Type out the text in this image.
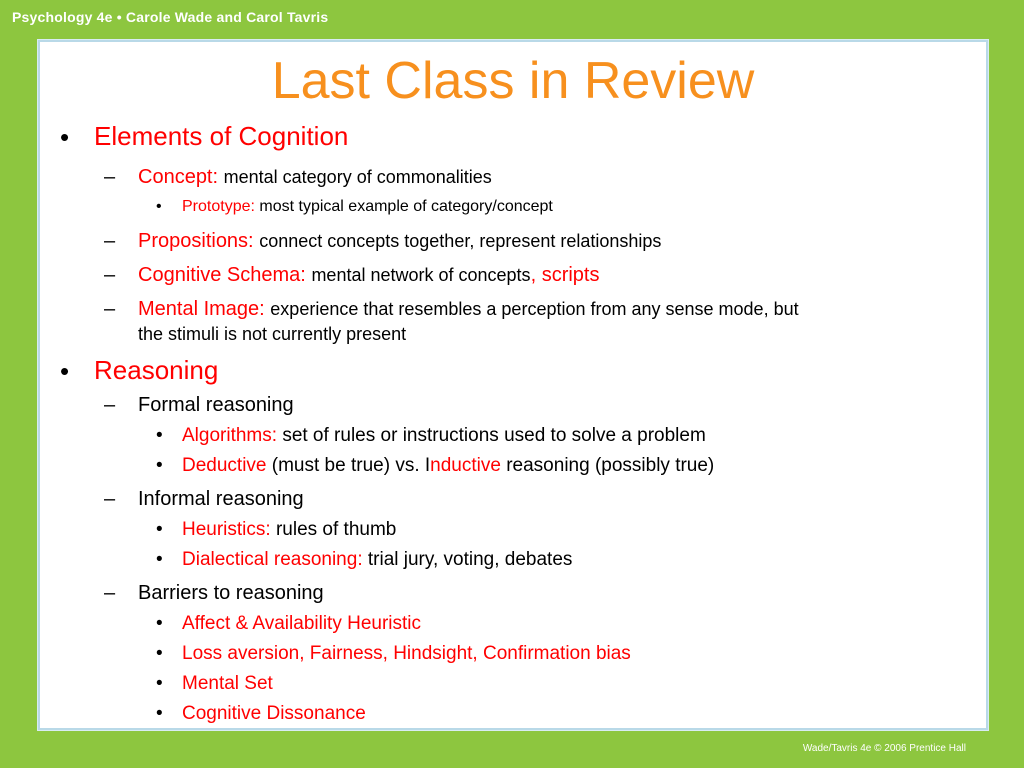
Psychology 4e • Carole Wade and Carol Tavris
Last Class in Review
• Elements of Cognition
– Concept: mental category of commonalities
• Prototype: most typical example of category/concept
– Propositions: connect concepts together, represent relationships
– Cognitive Schema: mental network of concepts, scripts
– Mental Image: experience that resembles a perception from any sense mode, but
the stimuli is not currently present
• Reasoning
– Formal reasoning
• Algorithms: set of rules or instructions used to solve a problem
• Deductive (must be true) vs. Inductive reasoning (possibly true)
– Informal reasoning
• Heuristics: rules of thumb
• Dialectical reasoning: trial jury, voting, debates
– Barriers to reasoning
• Affect & Availability Heuristic
• Loss aversion, Fairness, Hindsight, Confirmation bias
• Mental Set
• Cognitive Dissonance
Wade/Tavris 4e © 2006 Prentice Hall
